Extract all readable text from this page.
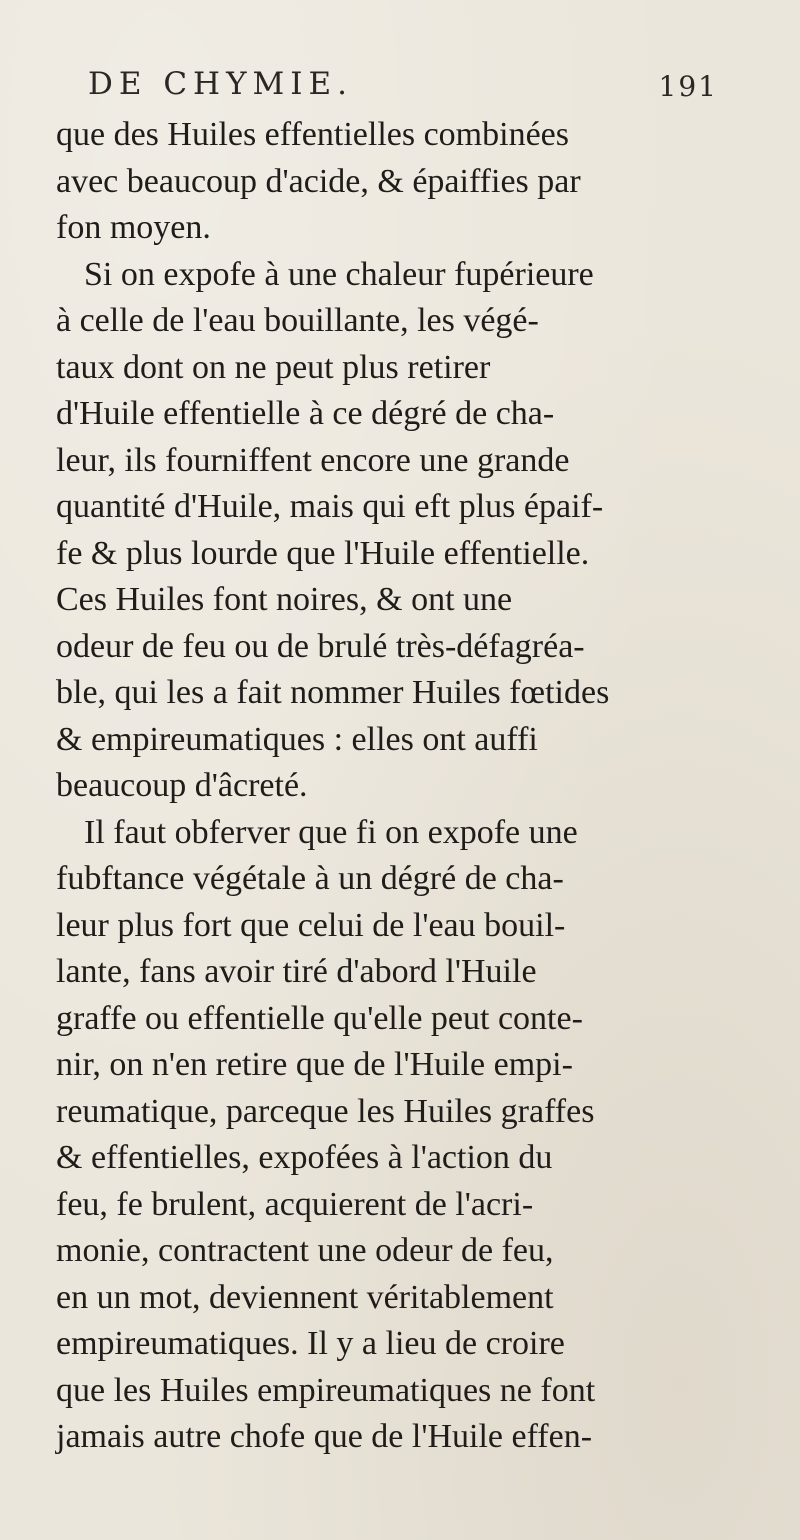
DE CHYMIE.	191
que des Huiles effentielles combinées
avec beaucoup d'acide, & épaiffies par
fon moyen.
Si on expofe à une chaleur fupérieure
à celle de l'eau bouillante, les végé-
taux dont on ne peut plus retirer
d'Huile effentielle à ce dégré de cha-
leur, ils fourniffent encore une grande
quantité d'Huile, mais qui eft plus épaif-
fe & plus lourde que l'Huile effentielle.
Ces Huiles font noires, & ont une
odeur de feu ou de brulé très-défagréa-
ble, qui les a fait nommer Huiles fœtides
& empireumatiques : elles ont auffi
beaucoup d'âcreté.
Il faut obferver que fi on expofe une
fubftance végétale à un dégré de cha-
leur plus fort que celui de l'eau bouil-
lante, fans avoir tiré d'abord l'Huile
graffe ou effentielle qu'elle peut conte-
nir, on n'en retire que de l'Huile empi-
reumatique, parceque les Huiles graffes
& effentielles, expofées à l'action du
feu, fe brulent, acquierent de l'acri-
monie, contractent une odeur de feu,
en un mot, deviennent véritablement
empireumatiques. Il y a lieu de croire
que les Huiles empireumatiques ne font
jamais autre chofe que de l'Huile effen-
